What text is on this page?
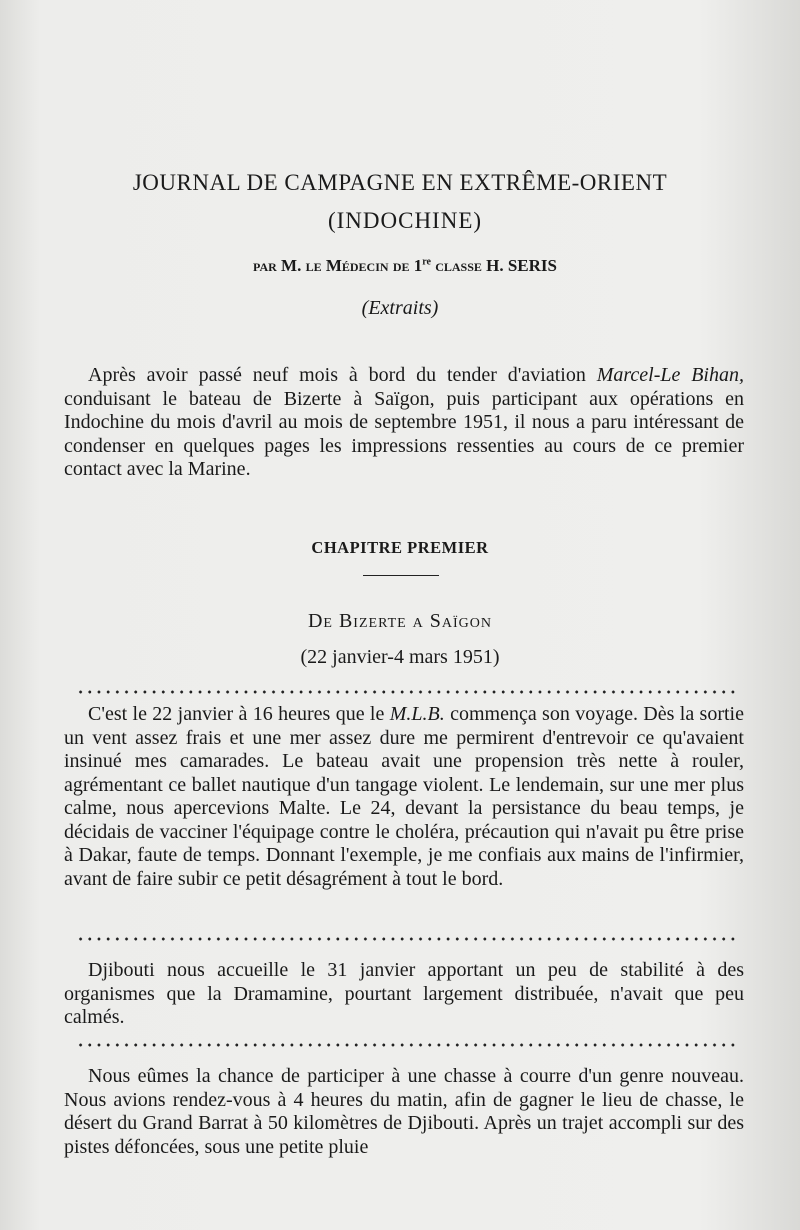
JOURNAL DE CAMPAGNE EN EXTRÊME-ORIENT
(INDOCHINE)
par M. le Médecin de 1re classe H. SERIS
(Extraits)

Après avoir passé neuf mois à bord du tender d'aviation Marcel-Le Bihan, conduisant le bateau de Bizerte à Saïgon, puis participant aux opérations en Indochine du mois d'avril au mois de septembre 1951, il nous a paru intéressant de condenser en quelques pages les impressions ressenties au cours de ce premier contact avec la Marine.

CHAPITRE PREMIER
De Bizerte a Saïgon
(22 janvier-4 mars 1951)

C'est le 22 janvier à 16 heures que le M.L.B. commença son voyage. Dès la sortie un vent assez frais et une mer assez dure me permirent d'entrevoir ce qu'avaient insinué mes camarades. Le bateau avait une propension très nette à rouler, agrémentant ce ballet nautique d'un tangage violent. Le lendemain, sur une mer plus calme, nous apercevions Malte. Le 24, devant la persistance du beau temps, je décidais de vacciner l'équipage contre le choléra, précaution qui n'avait pu être prise à Dakar, faute de temps. Donnant l'exemple, je me confiais aux mains de l'infirmier, avant de faire subir ce petit désagrément à tout le bord.

Djibouti nous accueille le 31 janvier apportant un peu de stabilité à des organismes que la Dramamine, pourtant largement distribuée, n'avait que peu calmés.

Nous eûmes la chance de participer à une chasse à courre d'un genre nouveau. Nous avions rendez-vous à 4 heures du matin, afin de gagner le lieu de chasse, le désert du Grand Barrat à 50 kilomètres de Djibouti. Après un trajet accompli sur des pistes défoncées, sous une petite pluie
